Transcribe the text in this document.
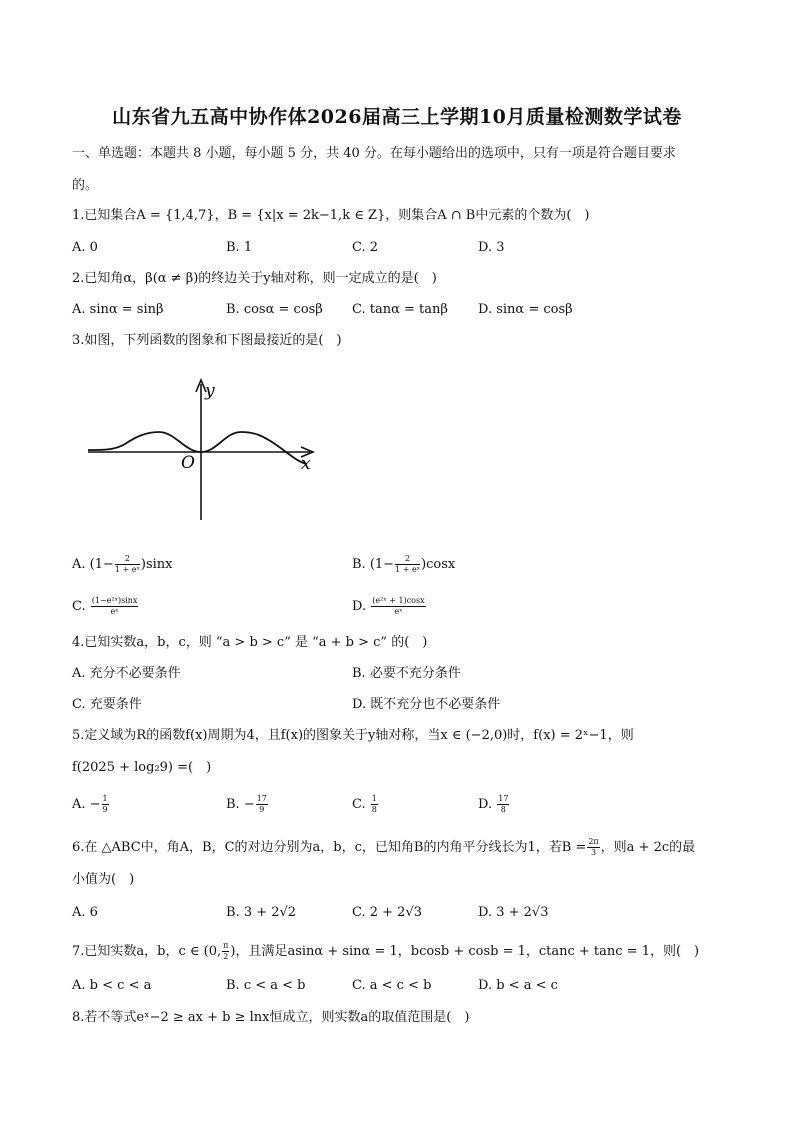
山东省九五高中协作体2026届高三上学期10月质量检测数学试卷
一、单选题：本题共 8 小题，每小题 5 分，共 40 分。在每小题给出的选项中，只有一项是符合题目要求
的。
1.已知集合A = {1,4,7}，B = {x|x = 2k−1,k ∈ Z}，则集合A ∩ B中元素的个数为(　)
A. 0	B. 1	C. 2	D. 3
2.已知角α，β(α ≠ β)的终边关于y轴对称，则一定成立的是(　)
A. sinα = sinβ	B. cosα = cosβ C. tanα = tanβ D. sinα = cosβ
3.如图，下列函数的图象和下图最接近的是(　)
y
x
O
A. $(1- \frac{2}{\text{1 + eˣ}} )\sin x$	B. $(1- \frac{2}{\text{1 + eˣ}} )\cos x$
C. $\frac{\text{(1−e²ˣ)sinx}}{\text{eˣ}}$	D. $\frac{\text{(e²ˣ + 1)cosx}}{\text{eˣ}}$
4.已知实数a，b，c，则 “a > b > c” 是 “a + b > c” 的(　)
A. 充分不必要条件	B. 必要不充分条件
C. 充要条件	D. 既不充分也不必要条件
5.定义域为R的函数f(x)周期为4，且f(x)的图象关于y轴对称，当x ∈ (−2,0)时，f(x) = 2ˣ−1，则
f(2025 + log₂9) =(　)
A. − $\frac{1}{9}$	B. − $\frac{17}{9}$	C. $\frac{1}{8}$	D. $\frac{17}{8}$
6.在 △ABC中，角A，B，C的对边分别为a，b，c，已知角B的内角平分线长为1，若$B = \frac{2\pi}{3}$ ，则a + 2c的最
小值为(　)
A. 6	B. 3 + 2√2	C. 2 + 2√3	D. 3 + 2√3
7.已知实数a，b，c ∈ (0, $\frac{\pi}{2}$ )，且满足asinα + sinα = 1，bcosb + cosb = 1，ctanc + tanc = 1，则(　)
A. b < c < a	B. c < a < b	C. a < c < b	D. b < a < c
8.若不等式eˣ−2 ≥ ax + b ≥ lnx恒成立，则实数a的取值范围是(　)
